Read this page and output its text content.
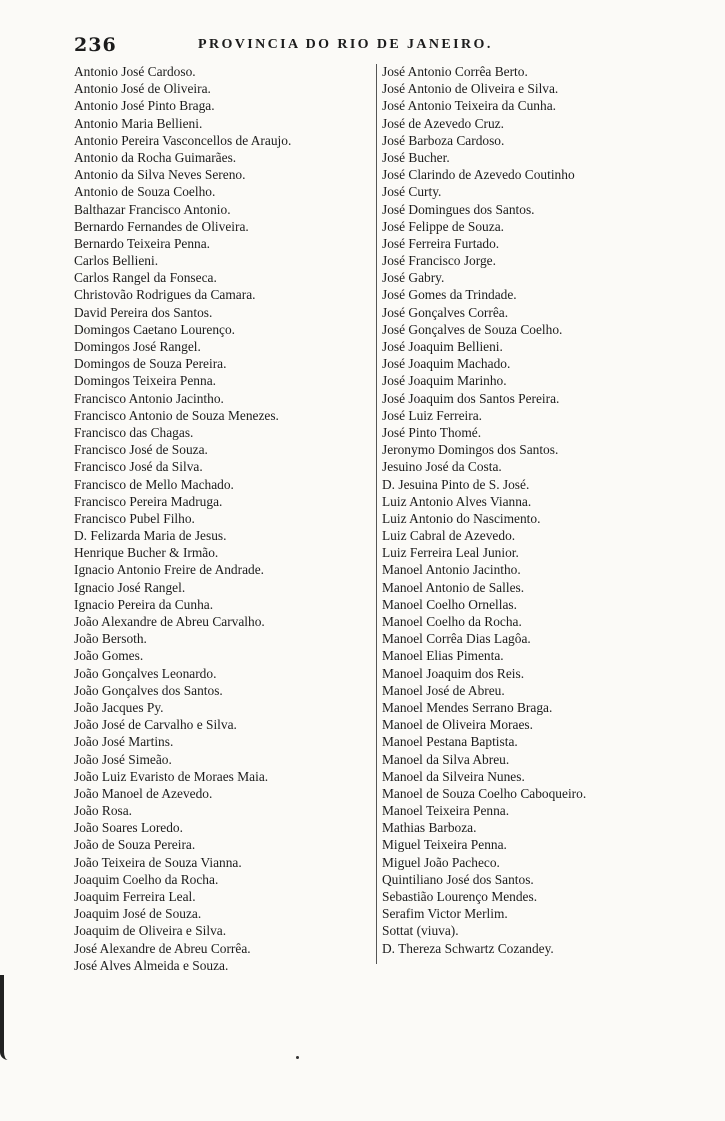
236	PROVINCIA DO RIO DE JANEIRO.
Antonio José Cardoso.
Antonio José de Oliveira.
Antonio José Pinto Braga.
Antonio Maria Bellieni.
Antonio Pereira Vasconcellos de Araujo.
Antonio da Rocha Guimarães.
Antonio da Silva Neves Sereno.
Antonio de Souza Coelho.
Balthazar Francisco Antonio.
Bernardo Fernandes de Oliveira.
Bernardo Teixeira Penna.
Carlos Bellieni.
Carlos Rangel da Fonseca.
Christovão Rodrigues da Camara.
David Pereira dos Santos.
Domingos Caetano Lourenço.
Domingos José Rangel.
Domingos de Souza Pereira.
Domingos Teixeira Penna.
Francisco Antonio Jacintho.
Francisco Antonio de Souza Menezes.
Francisco das Chagas.
Francisco José de Souza.
Francisco José da Silva.
Francisco de Mello Machado.
Francisco Pereira Madruga.
Francisco Pubel Filho.
D. Felizarda Maria de Jesus.
Henrique Bucher & Irmão.
Ignacio Antonio Freire de Andrade.
Ignacio José Rangel.
Ignacio Pereira da Cunha.
João Alexandre de Abreu Carvalho.
João Bersoth.
João Gomes.
João Gonçalves Leonardo.
João Gonçalves dos Santos.
João Jacques Py.
João José de Carvalho e Silva.
João José Martins.
João José Simeão.
João Luiz Evaristo de Moraes Maia.
João Manoel de Azevedo.
João Rosa.
João Soares Loredo.
João de Souza Pereira.
João Teixeira de Souza Vianna.
Joaquim Coelho da Rocha.
Joaquim Ferreira Leal.
Joaquim José de Souza.
Joaquim de Oliveira e Silva.
José Alexandre de Abreu Corrêa.
José Alves Almeida e Souza.
José Antonio Corrêa Berto.
José Antonio de Oliveira e Silva.
José Antonio Teixeira da Cunha.
José de Azevedo Cruz.
José Barboza Cardoso.
José Bucher.
José Clarindo de Azevedo Coutinho
José Curty.
José Domingues dos Santos.
José Felippe de Souza.
José Ferreira Furtado.
José Francisco Jorge.
José Gabry.
José Gomes da Trindade.
José Gonçalves Corrêa.
José Gonçalves de Souza Coelho.
José Joaquim Bellieni.
José Joaquim Machado.
José Joaquim Marinho.
José Joaquim dos Santos Pereira.
José Luiz Ferreira.
José Pinto Thomé.
Jeronymo Domingos dos Santos.
Jesuino José da Costa.
D. Jesuina Pinto de S. José.
Luiz Antonio Alves Vianna.
Luiz Antonio do Nascimento.
Luiz Cabral de Azevedo.
Luiz Ferreira Leal Junior.
Manoel Antonio Jacintho.
Manoel Antonio de Salles.
Manoel Coelho Ornellas.
Manoel Coelho da Rocha.
Manoel Corrêa Dias Lagôa.
Manoel Elias Pimenta.
Manoel Joaquim dos Reis.
Manoel José de Abreu.
Manoel Mendes Serrano Braga.
Manoel de Oliveira Moraes.
Manoel Pestana Baptista.
Manoel da Silva Abreu.
Manoel da Silveira Nunes.
Manoel de Souza Coelho Caboqueiro.
Manoel Teixeira Penna.
Mathias Barboza.
Miguel Teixeira Penna.
Miguel João Pacheco.
Quintiliano José dos Santos.
Sebastião Lourenço Mendes.
Serafim Victor Merlim.
Sottat (viuva).
D. Thereza Schwartz Cozandey.
